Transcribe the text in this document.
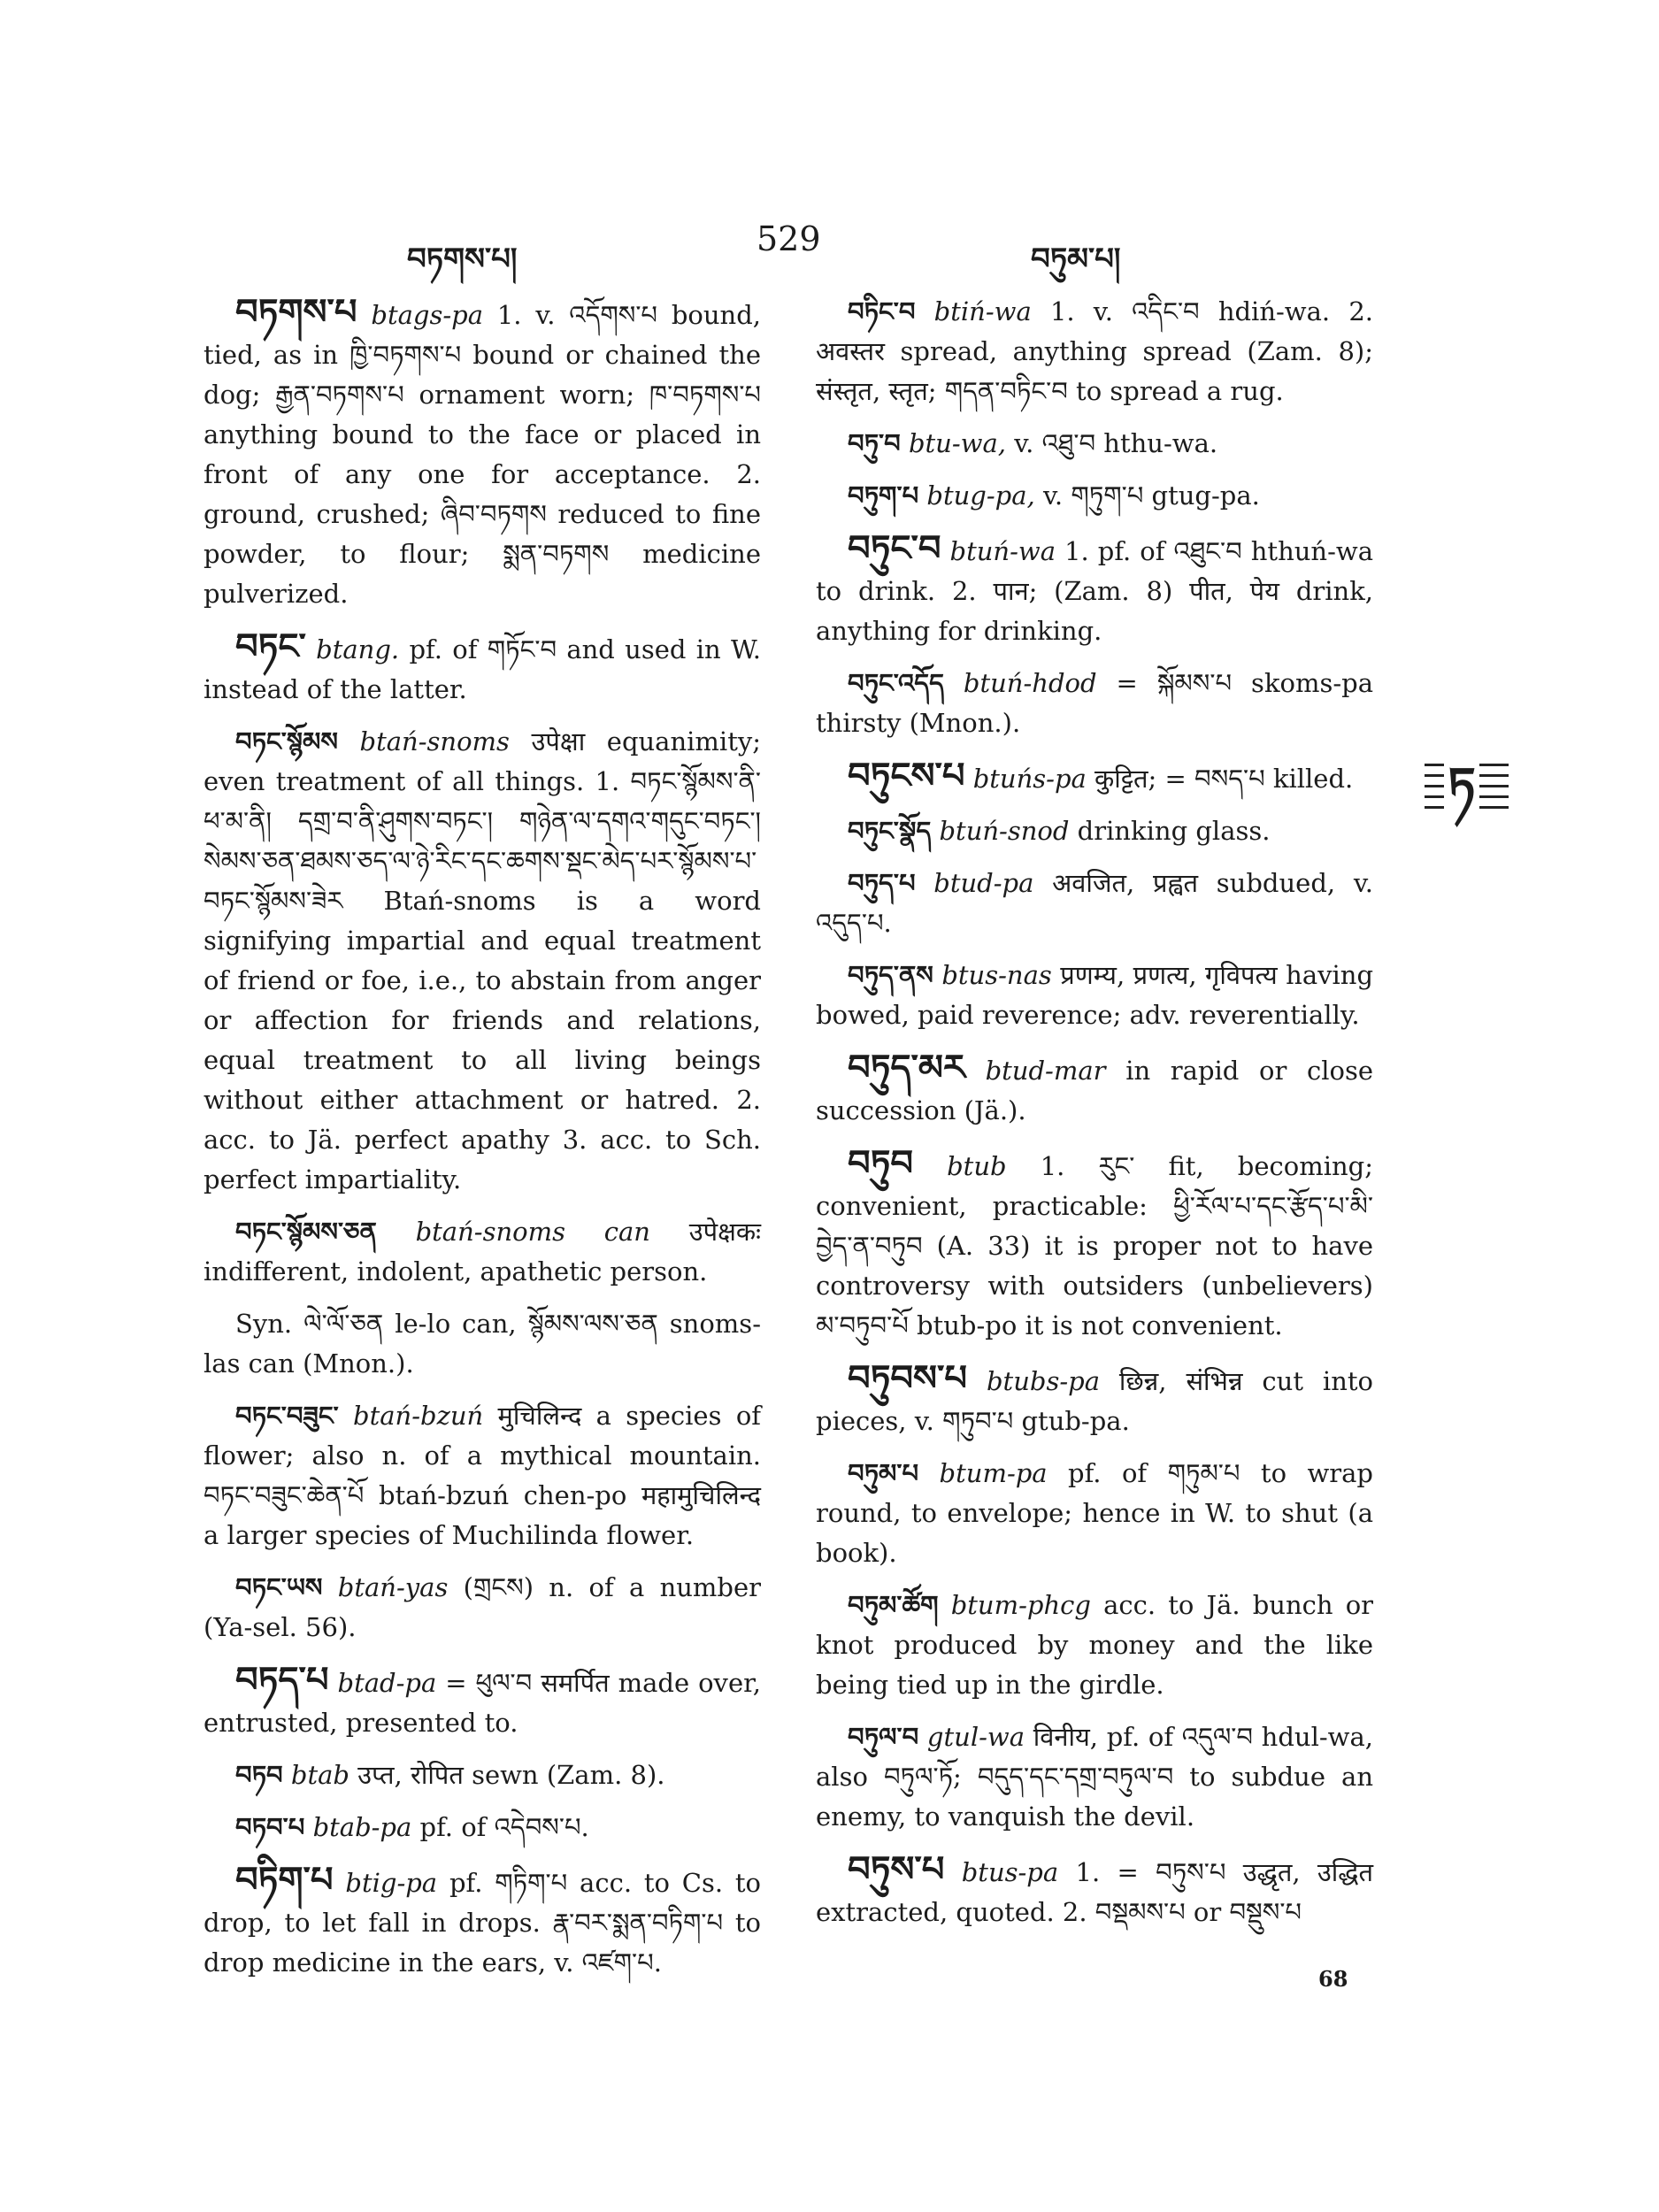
བཏགས་པ།
529
བཏུམ་པ།

བཏགས་པ btags-pa 1. v. འདོགས་པ bound, tied, as in ཁྱི་བཏགས་པ bound or chained the dog; རྒྱན་བཏགས་པ ornament worn; ཁ་བཏགས་པ anything bound to the face or placed in front of any one for acceptance. 2. ground, crushed; ཞིབ་བཏགས reduced to fine powder, to flour; སྨན་བཏགས medicine pulverized.

བཏང་ btang. pf. of གཏོང་བ and used in W. instead of the latter.

བཏང་སྙོམས btań-snoms उपेक्षा equanimity; even treatment of all things. 1. བཏང་སྙོམས་ནི་ཕ་མ་ནི། དགྲ་བ་ནི་ཤུགས་བཏང་། གཉེན་ལ་དགའ་གདུང་བཏང་། སེམས་ཅན་ཐམས་ཅད་ལ་ཉེ་རིང་དང་ཆགས་སྡང་མེད་པར་སྙོམས་པ་བཏང་སྙོམས་ཟེར Btań-snoms is a word signifying impartial and equal treatment of friend or foe, i.e., to abstain from anger or affection for friends and relations, equal treatment to all living beings without either attachment or hatred. 2. acc. to Jä. perfect apathy 3. acc. to Sch. perfect impartiality.

བཏང་སྙོམས་ཅན btań-snoms can उपेक्षकः indifferent, indolent, apathetic person.

Syn. ལེ་ལོ་ཅན le-lo can, སྙོམས་ལས་ཅན snoms-las can (Mnon.).

བཏང་བཟུང་ btań-bzuń मुचिलिन्द a species of flower; also n. of a mythical mountain. བཏང་བཟུང་ཆེན་པོ btań-bzuń chen-po महामुचिलिन्द a larger species of Muchilinda flower.

བཏང་ཡས btań-yas (གྲངས) n. of a number (Ya-sel. 56).

བཏད་པ btad-pa = ཕུལ་བ समर्पित made over, entrusted, presented to.

བཏབ btab उप्त, रोपित sewn (Zam. 8).

བཏབ་པ btab-pa pf. of འདེབས་པ.

བཏིག་པ btig-pa pf. གཏིག་པ acc. to Cs. to drop, to let fall in drops. རྣ་བར་སྨན་བཏིག་པ to drop medicine in the ears, v. འཛག་པ.

བཏིང་བ btiń-wa 1. v. འདིང་བ hdiń-wa. 2. अवस्तर spread, anything spread (Zam. 8); संस्तृत, स्तृत; གདན་བཏིང་བ to spread a rug.

བཏུ་བ btu-wa, v. འཐུ་བ hthu-wa.

བཏུག་པ btug-pa, v. གཏུག་པ gtug-pa.

བཏུང་བ btuń-wa 1. pf. of འཐུང་བ hthuń-wa to drink. 2. पान; (Zam. 8) पीत, पेय drink, anything for drinking.

བཏུང་འདོད btuń-hdod = སྐོམས་པ skoms-pa thirsty (Mnon.).

བཏུངས་པ btuńs-pa कुट्टित; = བསད་པ killed.

བཏུང་སྣོད btuń-snod drinking glass.

བཏུད་པ btud-pa अवजित, प्रह्वत subdued, v. འདུད་པ.

བཏུད་ནས btus-nas प्रणम्य, प्रणत्य, गृविपत्य having bowed, paid reverence; adv. reverentially.

བཏུད་མར btud-mar in rapid or close succession (Jä.).

བཏུབ btub 1. རུང་ fit, becoming; convenient, practicable: ཕྱི་རོལ་པ་དང་རྩོད་པ་མི་བྱེད་ན་བཏུབ (A. 33) it is proper not to have controversy with outsiders (unbelievers) མ་བཏུབ་པོ btub-po it is not convenient.

བཏུབས་པ btubs-pa छिन्न, संभिन्न cut into pieces, v. གཏུབ་པ gtub-pa.

བཏུམ་པ btum-pa pf. of གཏུམ་པ to wrap round, to envelope; hence in W. to shut (a book).

བཏུམ་ཚོག btum-phcg acc. to Jä. bunch or knot produced by money and the like being tied up in the girdle.

བཏུལ་བ gtul-wa विनीय, pf. of འདུལ་བ hdul-wa, also བཏུལ་ཏོ; བདུད་དང་དགྲ་བཏུལ་བ to subdue an enemy, to vanquish the devil.

བཏུས་པ btus-pa 1. = བཏུས་པ उद्धृत, उद्धित extracted, quoted. 2. བསྡམས་པ or བསྡུས་པ

ཏ
68
